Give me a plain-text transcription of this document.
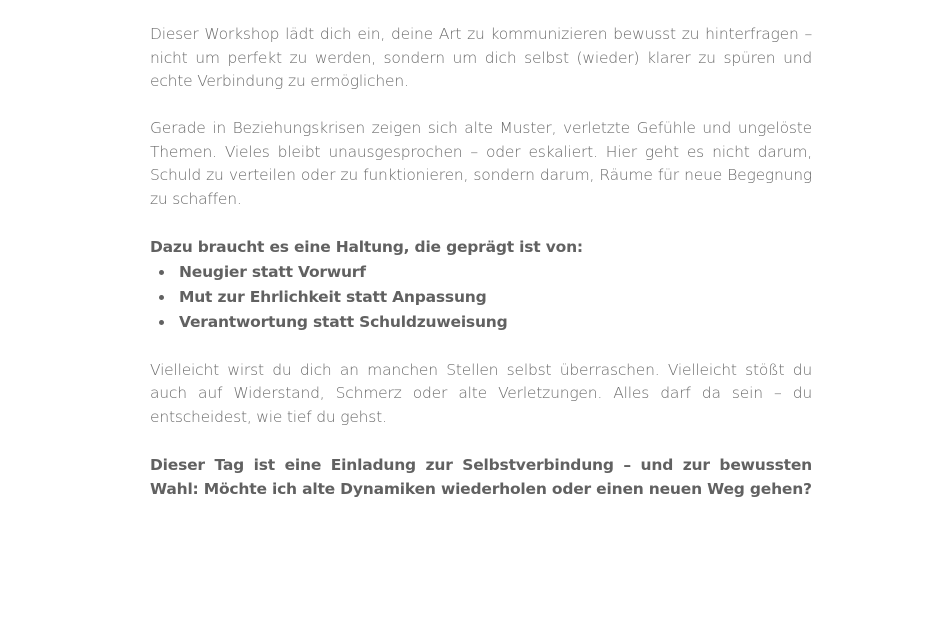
Dieser Workshop lädt dich ein, deine Art zu kommunizieren bewusst zu hinterfragen – nicht um perfekt zu werden, sondern um dich selbst (wieder) klarer zu spüren und echte Verbindung zu ermöglichen.

Gerade in Beziehungskrisen zeigen sich alte Muster, verletzte Gefühle und ungelöste Themen. Vieles bleibt unausgesprochen – oder eskaliert. Hier geht es nicht darum, Schuld zu verteilen oder zu funktionieren, sondern darum, Räume für neue Begegnung zu schaffen.

Dazu braucht es eine Haltung, die geprägt ist von:

Neugier statt Vorwurf
Mut zur Ehrlichkeit statt Anpassung
Verantwortung statt Schuldzuweisung

Vielleicht wirst du dich an manchen Stellen selbst überraschen. Vielleicht stößt du auch auf Widerstand, Schmerz oder alte Verletzungen. Alles darf da sein – du entscheidest, wie tief du gehst.

Dieser Tag ist eine Einladung zur Selbstverbindung – und zur bewussten Wahl: Möchte ich alte Dynamiken wiederholen oder einen neuen Weg gehen?
